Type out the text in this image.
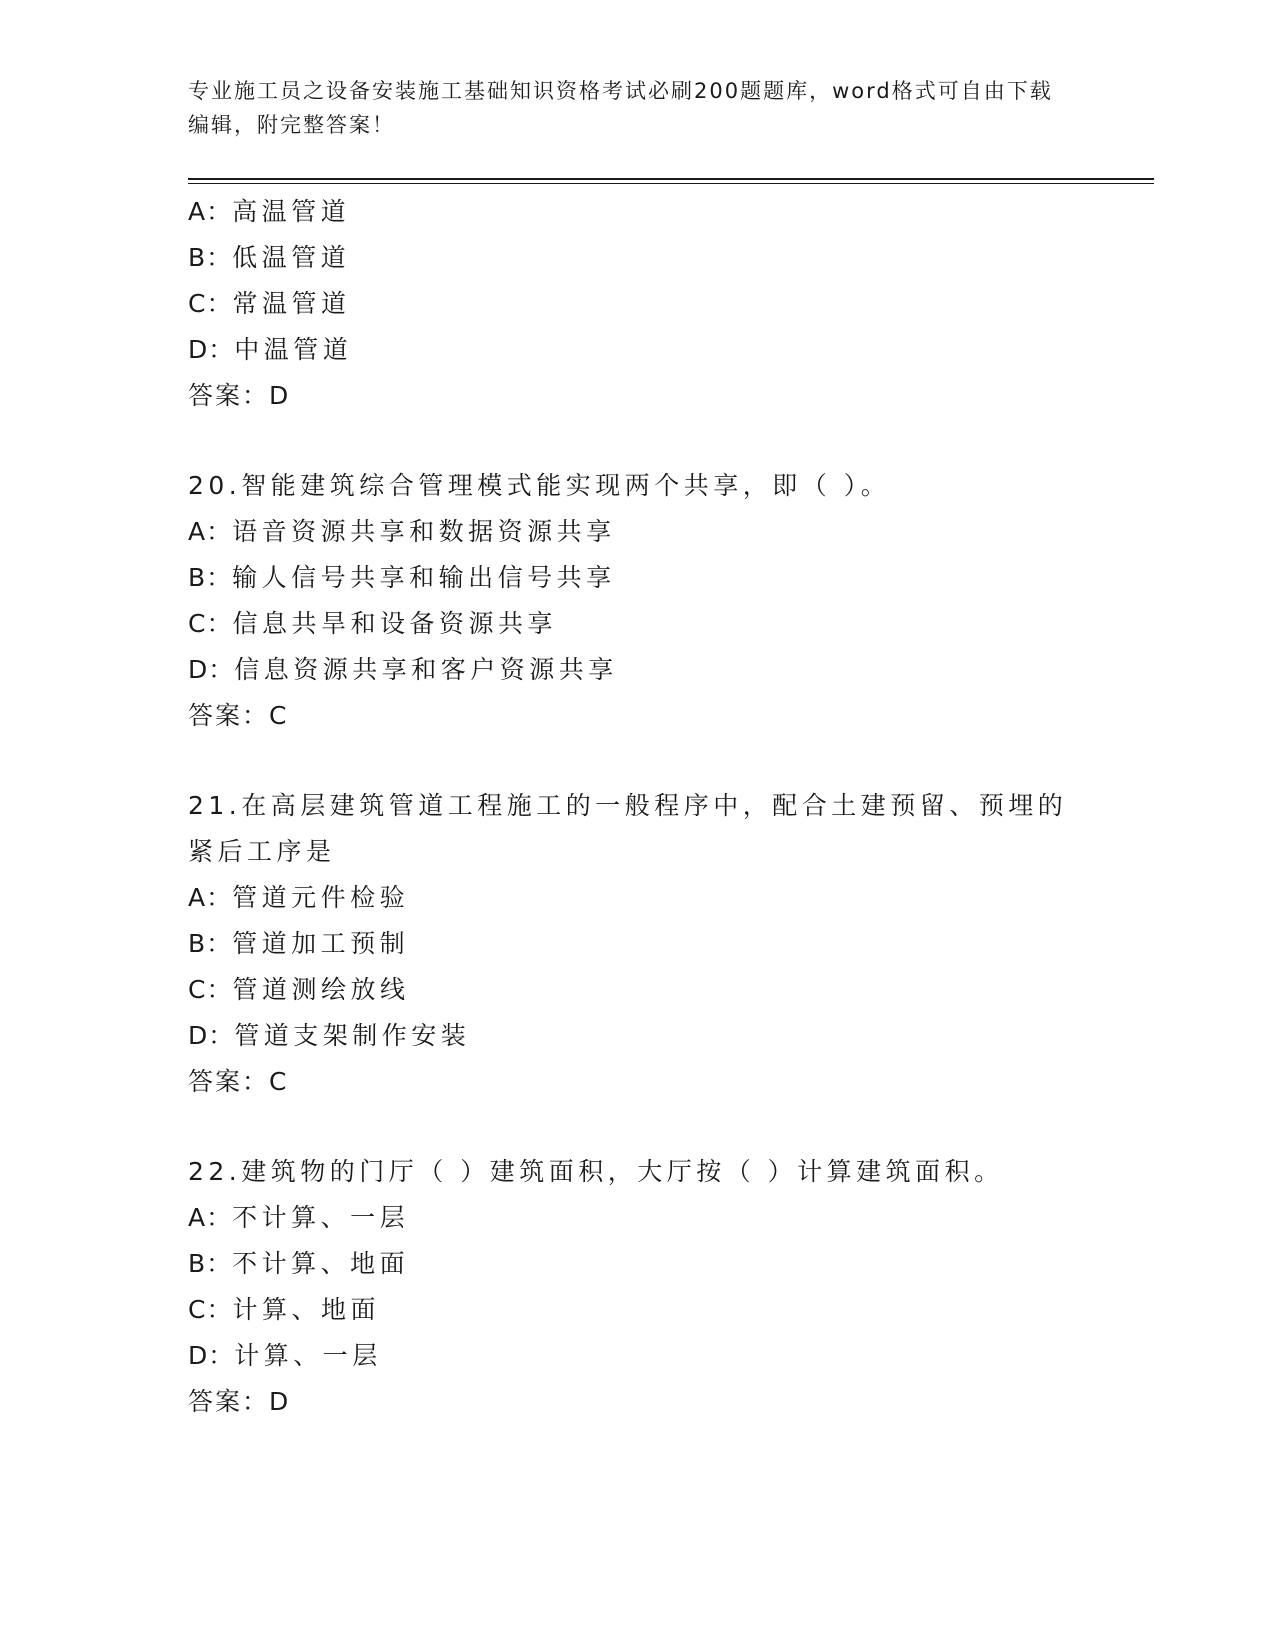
专业施工员之设备安装施工基础知识资格考试必刷200题题库，word格式可自由下载编辑，附完整答案！
A：高温管道
B：低温管道
C：常温管道
D：中温管道
答案：D
20.智能建筑综合管理模式能实现两个共享，即（ ）。
A：语音资源共享和数据资源共享
B：输人信号共享和输出信号共享
C：信息共旱和设备资源共享
D：信息资源共享和客户资源共享
答案：C
21.在高层建筑管道工程施工的一般程序中，配合土建预留、预埋的紧后工序是
A：管道元件检验
B：管道加工预制
C：管道测绘放线
D：管道支架制作安装
答案：C
22.建筑物的门厅（ ）建筑面积，大厅按（ ）计算建筑面积。
A：不计算、一层
B：不计算、地面
C：计算、地面
D：计算、一层
答案：D
